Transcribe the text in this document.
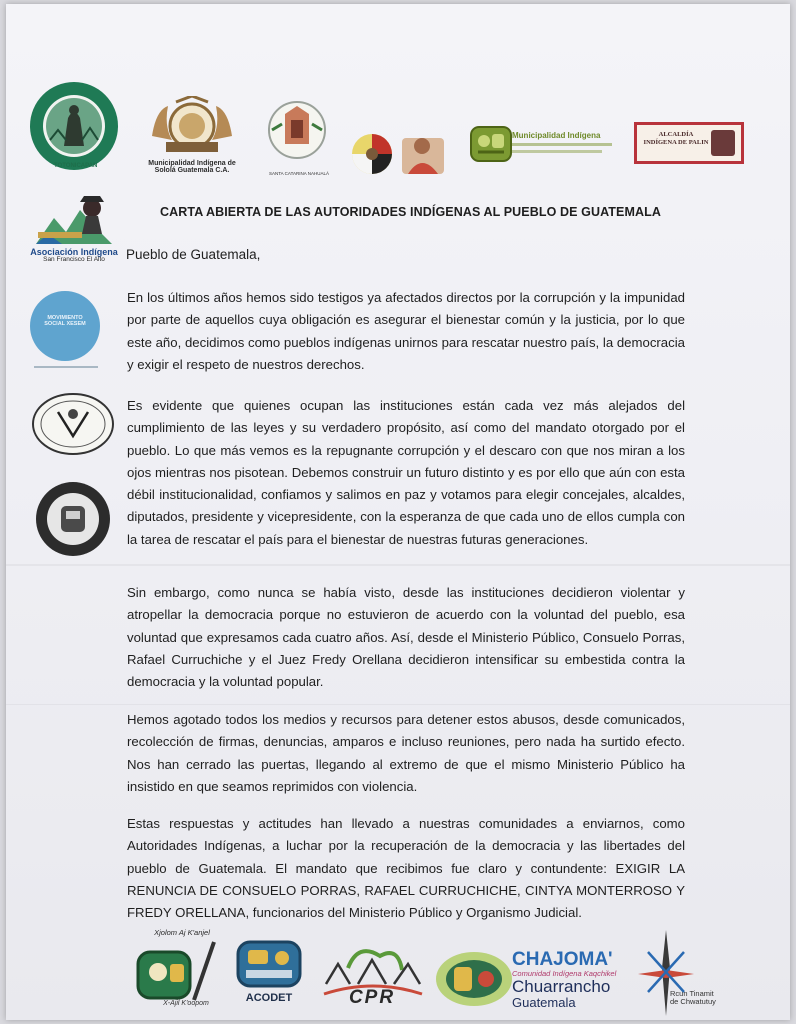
TOTONICAPAN	Municipalidad Indígena de
Sololá Guatemala C.A.	SANTA CATARINA NAHUALÁ
Municipalidad Indígena	ALCALDÍA
INDÍGENA DE PALIN
CARTA ABIERTA DE LAS AUTORIDADES INDÍGENAS AL PUEBLO DE GUATEMALA
Asociación Indígena
San Francisco El Alto	Pueblo de Guatemala,
MOVIMIENTO
SOCIAL XESEM
En los últimos años hemos sido testigos ya afectados directos por la corrupción y la impunidad por parte de aquellos cuya obligación es asegurar el bienestar común y la justicia, por lo que este año, decidimos como pueblos indígenas unirnos para rescatar nuestro país, la democracia y exigir el respeto de nuestros derechos.
Es evidente que quienes ocupan las instituciones están cada vez más alejados del cumplimiento de las leyes y su verdadero propósito, así como del mandato otorgado por el pueblo. Lo que más vemos es la repugnante corrupción y el descaro con que nos miran a los ojos mientras nos pisotean. Debemos construir un futuro distinto y es por ello que aún con esta débil institucionalidad, confiamos y salimos en paz y votamos para elegir concejales, alcaldes, diputados, presidente y vicepresidente, con la esperanza de que cada uno de ellos cumpla con la tarea de rescatar el país para el bienestar de nuestras futuras generaciones.
Sin embargo, como nunca se había visto, desde las instituciones decidieron violentar y atropellar la democracia porque no estuvieron de acuerdo con la voluntad del pueblo, esa voluntad que expresamos cada cuatro años. Así, desde el Ministerio Público, Consuelo Porras, Rafael Curruchiche y el Juez Fredy Orellana decidieron intensificar su embestida contra la democracia y la voluntad popular.
Hemos agotado todos los medios y recursos para detener estos abusos, desde comunicados, recolección de firmas, denuncias, amparos e incluso reuniones, pero nada ha surtido efecto. Nos han cerrado las puertas, llegando al extremo de que el mismo Ministerio Público ha insistido en que seamos reprimidos con violencia.
Estas respuestas y actitudes han llevado a nuestras comunidades a enviarnos, como Autoridades Indígenas, a luchar por la recuperación de la democracia y las libertades del pueblo de Guatemala. El mandato que recibimos fue claro y contundente: EXIGIR LA RENUNCIA DE CONSUELO PORRAS, RAFAEL CURRUCHICHE, CINTYA MONTERROSO Y FREDY ORELLANA, funcionarios del Ministerio Público y Organismo Judicial.
Xjolom Aj K'anjel
X-Ajil K'oopom	ACODET	CPR
CHAJOMA'
Comunidad Indígena Kaqchikel
Chuarrancho
Guatemala
Rcun Tinamit
de Chwatutuy
